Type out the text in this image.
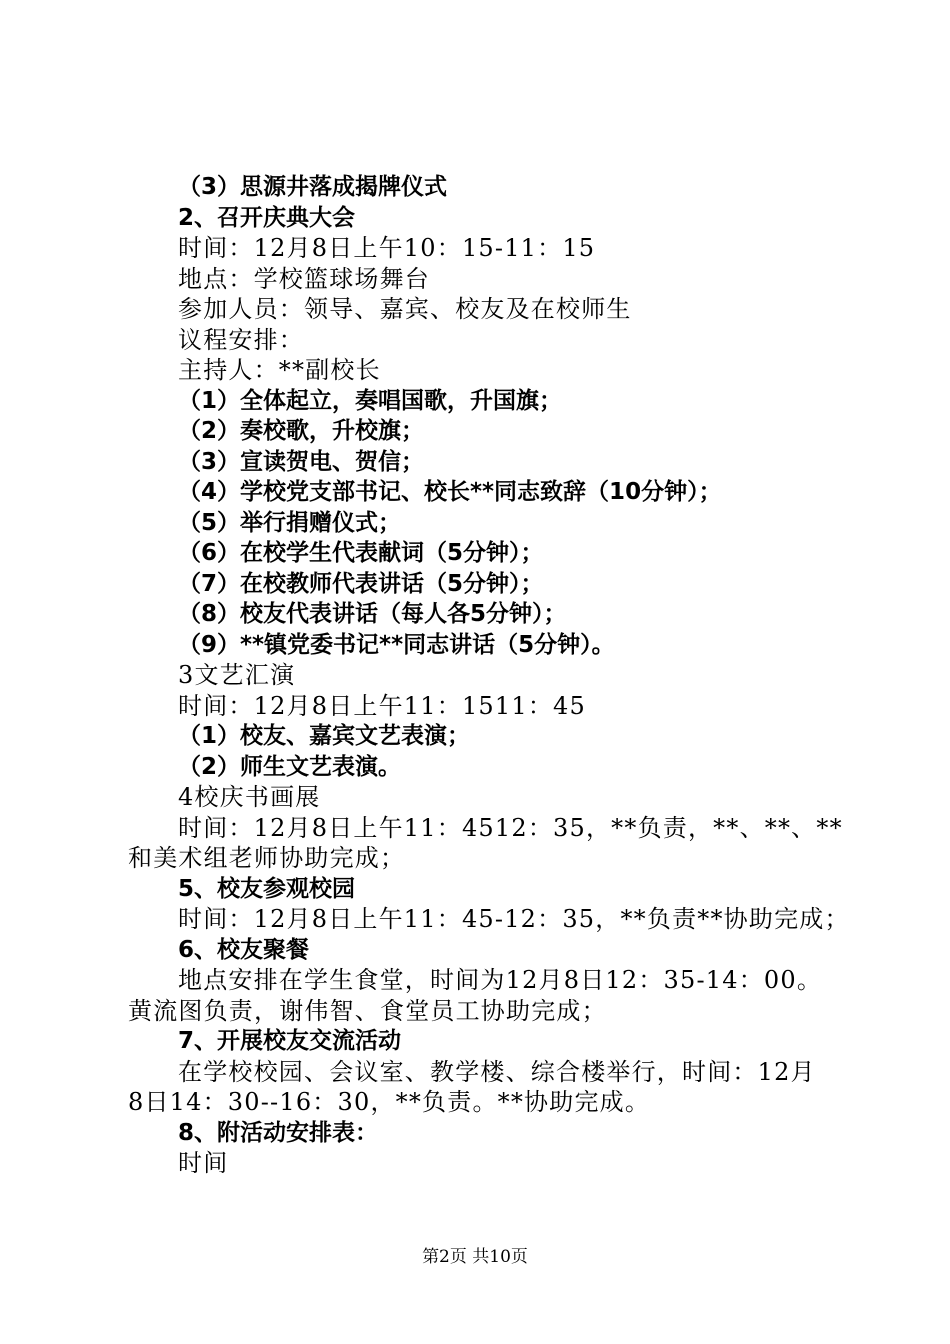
（3）思源井落成揭牌仪式
2、召开庆典大会
时间：12月8日上午10：15-11：15
地点：学校篮球场舞台
参加人员：领导、嘉宾、校友及在校师生
议程安排：
主持人：**副校长
（1）全体起立，奏唱国歌，升国旗；
（2）奏校歌，升校旗；
（3）宣读贺电、贺信；
（4）学校党支部书记、校长**同志致辞（10分钟）；
（5）举行捐赠仪式；
（6）在校学生代表献词（5分钟）；
（7）在校教师代表讲话（5分钟）；
（8）校友代表讲话（每人各5分钟）；
（9）**镇党委书记**同志讲话（5分钟）。
3文艺汇演
时间：12月8日上午11：1511：45
（1）校友、嘉宾文艺表演；
（2）师生文艺表演。
4校庆书画展
时间：12月8日上午11：4512：35，**负责，**、**、**
和美术组老师协助完成；
5、校友参观校园
时间：12月8日上午11：45-12：35，**负责**协助完成；
6、校友聚餐
地点安排在学生食堂，时间为12月8日12：35-14：00。
黄流图负责，谢伟智、食堂员工协助完成；
7、开展校友交流活动
在学校校园、会议室、教学楼、综合楼举行，时间：12月
8日14：30--16：30，**负责。**协助完成。
8、附活动安排表：
时间
第2页 共10页
